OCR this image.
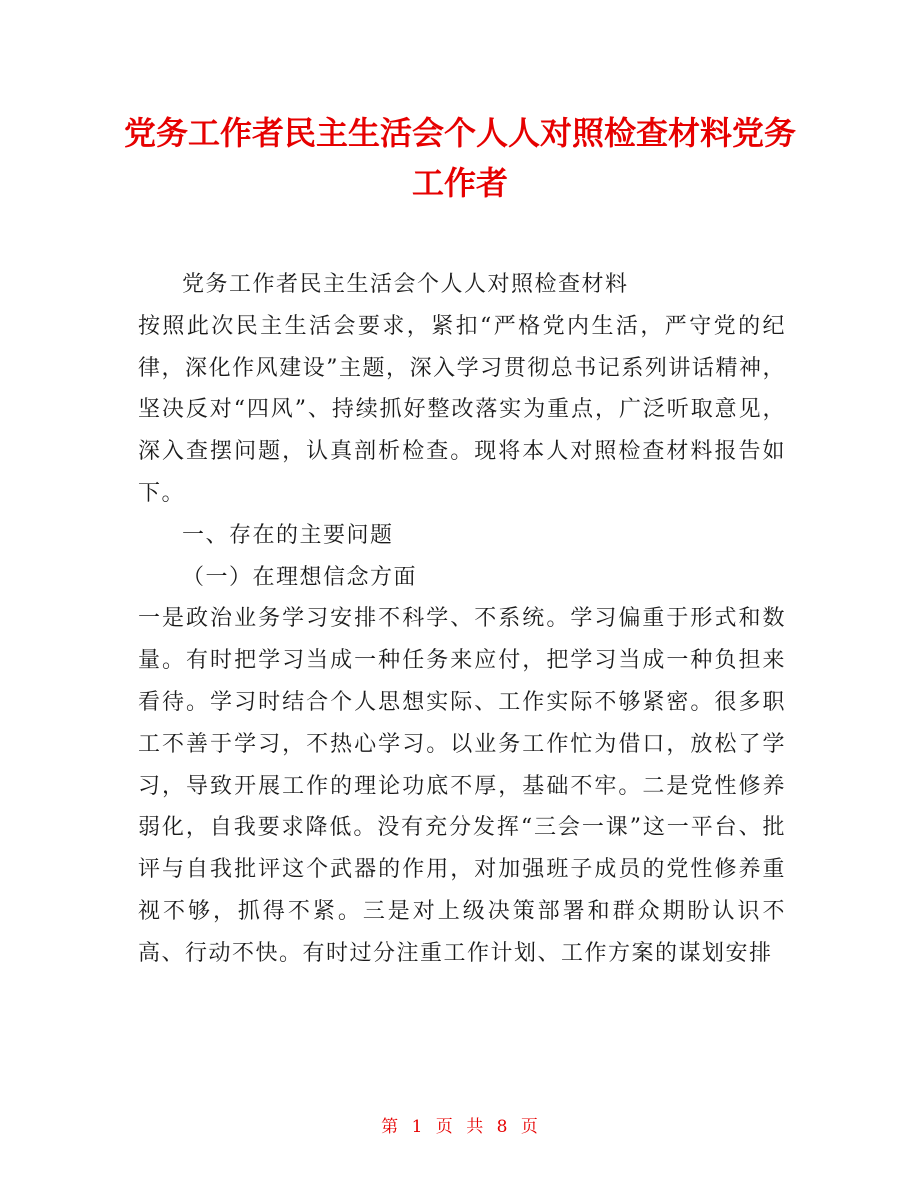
党务工作者民主生活会个人人对照检查材料党务工作者

党务工作者民主生活会个人人对照检查材料

按照此次民主生活会要求，紧扣“严格党内生活，严守党的纪律，深化作风建设”主题，深入学习贯彻总书记系列讲话精神，坚决反对“四风”、持续抓好整改落实为重点，广泛听取意见，深入查摆问题，认真剖析检查。现将本人对照检查材料报告如下。

一、存在的主要问题

（一）在理想信念方面

一是政治业务学习安排不科学、不系统。学习偏重于形式和数量。有时把学习当成一种任务来应付，把学习当成一种负担来看待。学习时结合个人思想实际、工作实际不够紧密。很多职工不善于学习，不热心学习。以业务工作忙为借口，放松了学习，导致开展工作的理论功底不厚，基础不牢。二是党性修养弱化，自我要求降低。没有充分发挥“三会一课”这一平台、批评与自我批评这个武器的作用，对加强班子成员的党性修养重视不够，抓得不紧。三是对上级决策部署和群众期盼认识不高、行动不快。有时过分注重工作计划、工作方案的谋划安排

第 1 页 共 8 页
